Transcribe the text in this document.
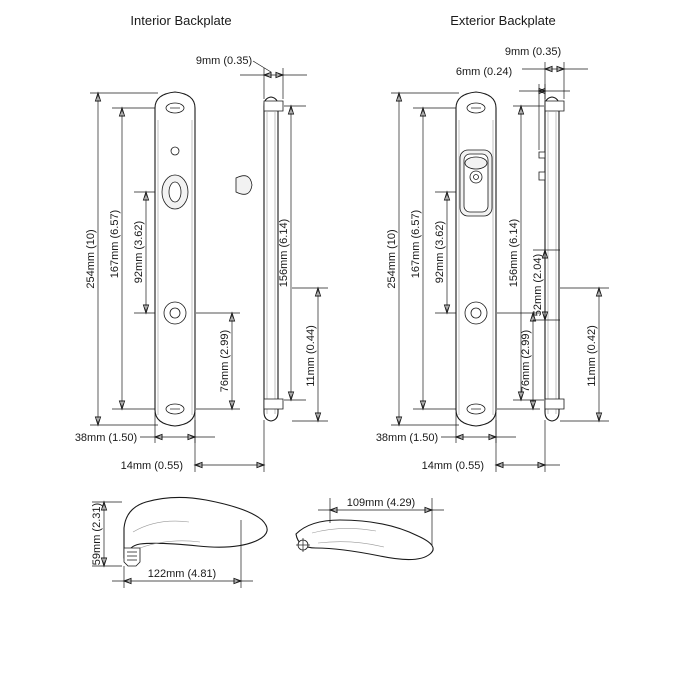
9mm (0.35)
254mm (10) 167mm (6.57) 92mm (3.62)
76mm (2.99)
156mm (6.14)
11mm (0.44)
38mm (1.50)
14mm (0.55)
9mm (0.35)
6mm (0.24)
254mm (10) 167mm (6.57) 92mm (3.62)
76mm (2.99)
156mm (6.14) 52mm (2.04)
11mm (0.42)
38mm (1.50)
14mm (0.55)
59mm (2.31)
122mm (4.81)
109mm (4.29)
Interior Backplate	Exterior Backplate
